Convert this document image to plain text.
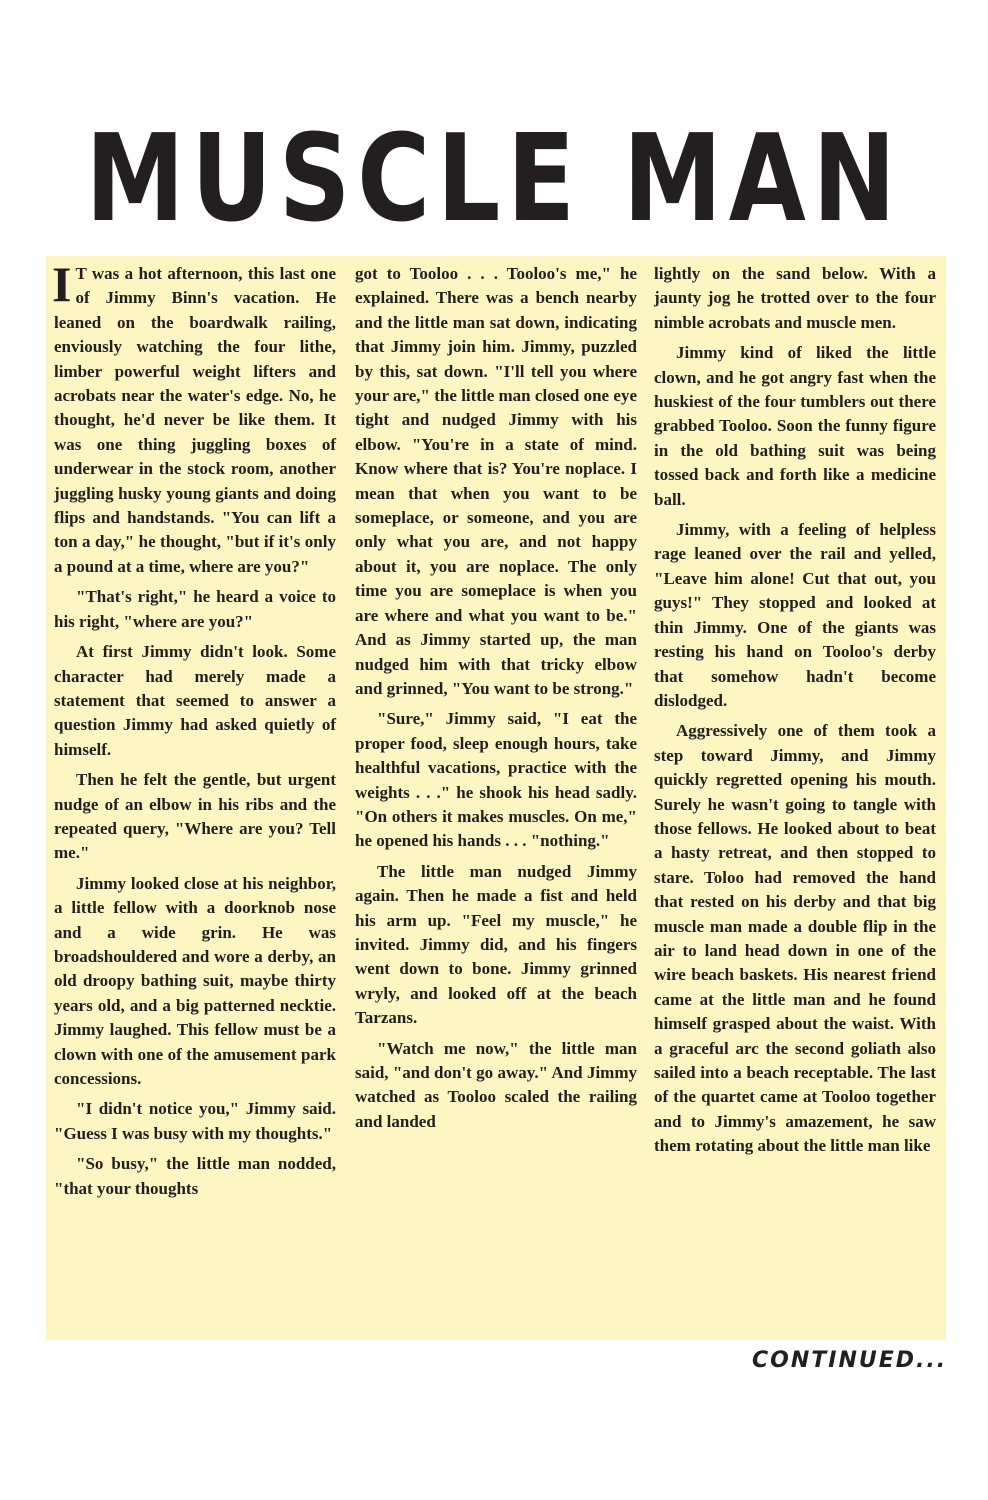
MUSCLE MAN

I T was a hot afternoon, this last one of Jimmy Binn's vacation. He leaned on the boardwalk railing, enviously watching the four lithe, limber powerful weight lifters and acrobats near the water's edge. No, he thought, he'd never be like them. It was one thing juggling boxes of underwear in the stock room, another juggling husky young giants and doing flips and handstands. "You can lift a ton a day," he thought, "but if it's only a pound at a time, where are you?"

"That's right," he heard a voice to his right, "where are you?"

At first Jimmy didn't look. Some character had merely made a statement that seemed to answer a question Jimmy had asked quietly of himself.

Then he felt the gentle, but urgent nudge of an elbow in his ribs and the repeated query, "Where are you? Tell me."

Jimmy looked close at his neighbor, a little fellow with a doorknob nose and a wide grin. He was broadshouldered and wore a derby, an old droopy bathing suit, maybe thirty years old, and a big patterned necktie. Jimmy laughed. This fellow must be a clown with one of the amusement park concessions.

"I didn't notice you," Jimmy said. "Guess I was busy with my thoughts."

"So busy," the little man nodded, "that your thoughts

got to Tooloo . . . Tooloo's me," he explained. There was a bench nearby and the little man sat down, indicating that Jimmy join him. Jimmy, puzzled by this, sat down. "I'll tell you where your are," the little man closed one eye tight and nudged Jimmy with his elbow. "You're in a state of mind. Know where that is? You're noplace. I mean that when you want to be someplace, or someone, and you are only what you are, and not happy about it, you are noplace. The only time you are someplace is when you are where and what you want to be." And as Jimmy started up, the man nudged him with that tricky elbow and grinned, "You want to be strong."

"Sure," Jimmy said, "I eat the proper food, sleep enough hours, take healthful vacations, practice with the weights . . ." he shook his head sadly. "On others it makes muscles. On me," he opened his hands . . . "nothing."

The little man nudged Jimmy again. Then he made a fist and held his arm up. "Feel my muscle," he invited. Jimmy did, and his fingers went down to bone. Jimmy grinned wryly, and looked off at the beach Tarzans.

"Watch me now," the little man said, "and don't go away." And Jimmy watched as Tooloo scaled the railing and landed

lightly on the sand below. With a jaunty jog he trotted over to the four nimble acrobats and muscle men.

Jimmy kind of liked the little clown, and he got angry fast when the huskiest of the four tumblers out there grabbed Tooloo. Soon the funny figure in the old bathing suit was being tossed back and forth like a medicine ball.

Jimmy, with a feeling of helpless rage leaned over the rail and yelled, "Leave him alone! Cut that out, you guys!" They stopped and looked at thin Jimmy. One of the giants was resting his hand on Tooloo's derby that somehow hadn't become dislodged.

Aggressively one of them took a step toward Jimmy, and Jimmy quickly regretted opening his mouth. Surely he wasn't going to tangle with those fellows. He looked about to beat a hasty retreat, and then stopped to stare. Toloo had removed the hand that rested on his derby and that big muscle man made a double flip in the air to land head down in one of the wire beach baskets. His nearest friend came at the little man and he found himself grasped about the waist. With a graceful arc the second goliath also sailed into a beach receptable. The last of the quartet came at Tooloo together and to Jimmy's amazement, he saw them rotating about the little man like

CONTINUED...
